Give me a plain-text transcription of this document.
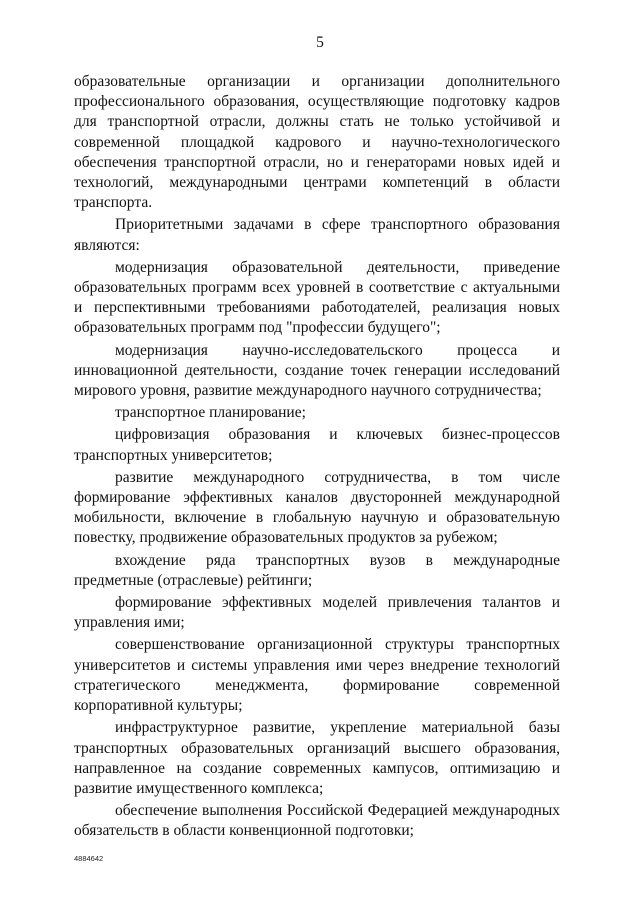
5

образовательные организации и организации дополнительного профессионального образования, осуществляющие подготовку кадров для транспортной отрасли, должны стать не только устойчивой и современной площадкой кадрового и научно-технологического обеспечения транспортной отрасли, но и генераторами новых идей и технологий, международными центрами компетенций в области транспорта.

Приоритетными задачами в сфере транспортного образования являются:

модернизация образовательной деятельности, приведение образовательных программ всех уровней в соответствие с актуальными и перспективными требованиями работодателей, реализация новых образовательных программ под "профессии будущего";

модернизация научно-исследовательского процесса и инновационной деятельности, создание точек генерации исследований мирового уровня, развитие международного научного сотрудничества;

транспортное планирование;

цифровизация образования и ключевых бизнес-процессов транспортных университетов;

развитие международного сотрудничества, в том числе формирование эффективных каналов двусторонней международной мобильности, включение в глобальную научную и образовательную повестку, продвижение образовательных продуктов за рубежом;

вхождение ряда транспортных вузов в международные предметные (отраслевые) рейтинги;

формирование эффективных моделей привлечения талантов и управления ими;

совершенствование организационной структуры транспортных университетов и системы управления ими через внедрение технологий стратегического менеджмента, формирование современной корпоративной культуры;

инфраструктурное развитие, укрепление материальной базы транспортных образовательных организаций высшего образования, направленное на создание современных кампусов, оптимизацию и развитие имущественного комплекса;

обеспечение выполнения Российской Федерацией международных обязательств в области конвенционной подготовки;

4884642
